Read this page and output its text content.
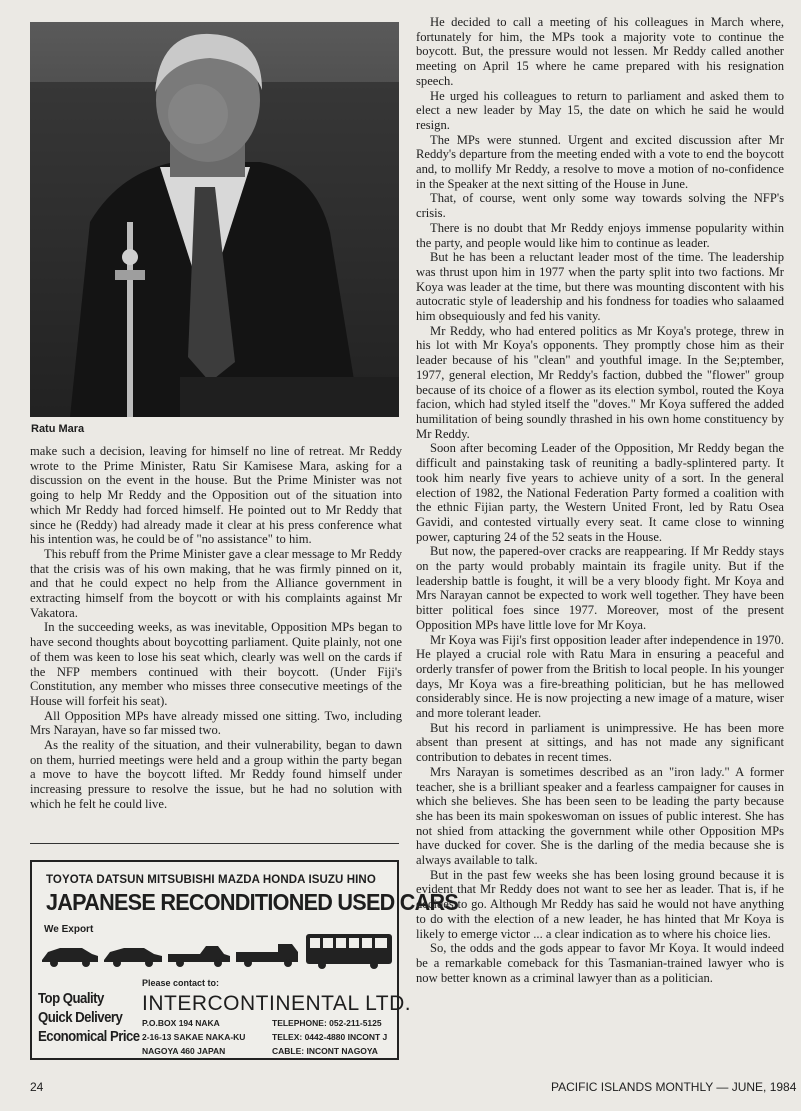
Ratu Mara

make such a decision, leaving for himself no line of retreat. Mr Reddy wrote to the Prime Minister, Ratu Sir Kamisese Mara, asking for a discussion on the event in the house. But the Prime Minister was not going to help Mr Reddy and the Opposition out of the situation into which Mr Reddy had forced himself. He pointed out to Mr Reddy that since he (Reddy) had already made it clear at his press conference what his intention was, he could be of "no assistance" to him.

This rebuff from the Prime Minister gave a clear message to Mr Reddy that the crisis was of his own making, that he was firmly pinned on it, and that he could expect no help from the Alliance government in extracting himself from the boycott or with his complaints against Mr Vakatora.

In the succeeding weeks, as was inevitable, Opposition MPs began to have second thoughts about boycotting parliament. Quite plainly, not one of them was keen to lose his seat which, clearly was well on the cards if the NFP members continued with their boycott. (Under Fiji's Constitution, any member who misses three consecutive meetings of the House will forfeit his seat).

All Opposition MPs have already missed one sitting. Two, including Mrs Narayan, have so far missed two.

As the reality of the situation, and their vulnerability, began to dawn on them, hurried meetings were held and a group within the party began a move to have the boycott lifted. Mr Reddy found himself under increasing pressure to resolve the issue, but he had no solution with which he felt he could live.

TOYOTA DATSUN MITSUBISHI MAZDA HONDA ISUZU HINO
JAPANESE RECONDITIONED USED CARS
We Export
Top Quality
Quick Delivery
Economical Price
Please contact to:
INTERCONTINENTAL LTD.
P.O.BOX 194 NAKA
2-16-13 SAKAE NAKA-KU
NAGOYA 460 JAPAN
TELEPHONE: 052-211-5125
TELEX: 0442-4880 INCONT J
CABLE: INCONT NAGOYA

He decided to call a meeting of his colleagues in March where, fortunately for him, the MPs took a majority vote to continue the boycott. But, the pressure would not lessen. Mr Reddy called another meeting on April 15 where he came prepared with his resignation speech.

He urged his colleagues to return to parliament and asked them to elect a new leader by May 15, the date on which he said he would resign.

The MPs were stunned. Urgent and excited discussion after Mr Reddy's departure from the meeting ended with a vote to end the boycott and, to mollify Mr Reddy, a resolve to move a motion of no-confidence in the Speaker at the next sitting of the House in June.

That, of course, went only some way towards solving the NFP's crisis.

There is no doubt that Mr Reddy enjoys immense popularity within the party, and people would like him to continue as leader.

But he has been a reluctant leader most of the time. The leadership was thrust upon him in 1977 when the party split into two factions. Mr Koya was leader at the time, but there was mounting discontent with his autocratic style of leadership and his fondness for toadies who salaamed him obsequiously and fed his vanity.

Mr Reddy, who had entered politics as Mr Koya's protege, threw in his lot with Mr Koya's opponents. They promptly chose him as their leader because of his "clean" and youthful image. In the Se;ptember, 1977, general election, Mr Reddy's faction, dubbed the "flower" group because of its choice of a flower as its election symbol, routed the Koya facion, which had styled itself the "doves." Mr Koya suffered the added humilitation of being soundly thrashed in his own home constituency by Mr Reddy.

Soon after becoming Leader of the Opposition, Mr Reddy began the difficult and painstaking task of reuniting a badly-splintered party. It took him nearly five years to achieve unity of a sort. In the general election of 1982, the National Federation Party formed a coalition with the ethnic Fijian party, the Western United Front, led by Ratu Osea Gavidi, and contested virtually every seat. It came close to winning power, capturing 24 of the 52 seats in the House.

But now, the papered-over cracks are reappearing. If Mr Reddy stays on the party would probably maintain its fragile unity. But if the leadership battle is fought, it will be a very bloody fight. Mr Koya and Mrs Narayan cannot be expected to work well together. They have been bitter political foes since 1977. Moreover, most of the present Opposition MPs have little love for Mr Koya.

Mr Koya was Fiji's first opposition leader after independence in 1970. He played a crucial role with Ratu Mara in ensuring a peaceful and orderly transfer of power from the British to local people. In his younger days, Mr Koya was a fire-breathing politician, but he has mellowed considerably since. He is now projecting a new image of a mature, wiser and more tolerant leader.

But his record in parliament is unimpressive. He has been more absent than present at sittings, and has not made any significant contribution to debates in recent times.

Mrs Narayan is sometimes described as an "iron lady." A former teacher, she is a brilliant speaker and a fearless campaigner for causes in which she believes. She has been seen to be leading the party because she has been its main spokeswoman on issues of public interest. She has not shied from attacking the government while other Opposition MPs have ducked for cover. She is the darling of the media because she is always available to talk.

But in the past few weeks she has been losing ground because it is evident that Mr Reddy does not want to see her as leader. That is, if he decides to go. Although Mr Reddy has said he would not have anything to do with the election of a new leader, he has hinted that Mr Koya is likely to emerge victor ... a clear indication as to where his choice lies.

So, the odds and the gods appear to favor Mr Koya. It would indeed be a remarkable comeback for this Tasmanian-trained lawyer who is now better known as a criminal lawyer than as a politician.

24	PACIFIC ISLANDS MONTHLY — JUNE, 1984
